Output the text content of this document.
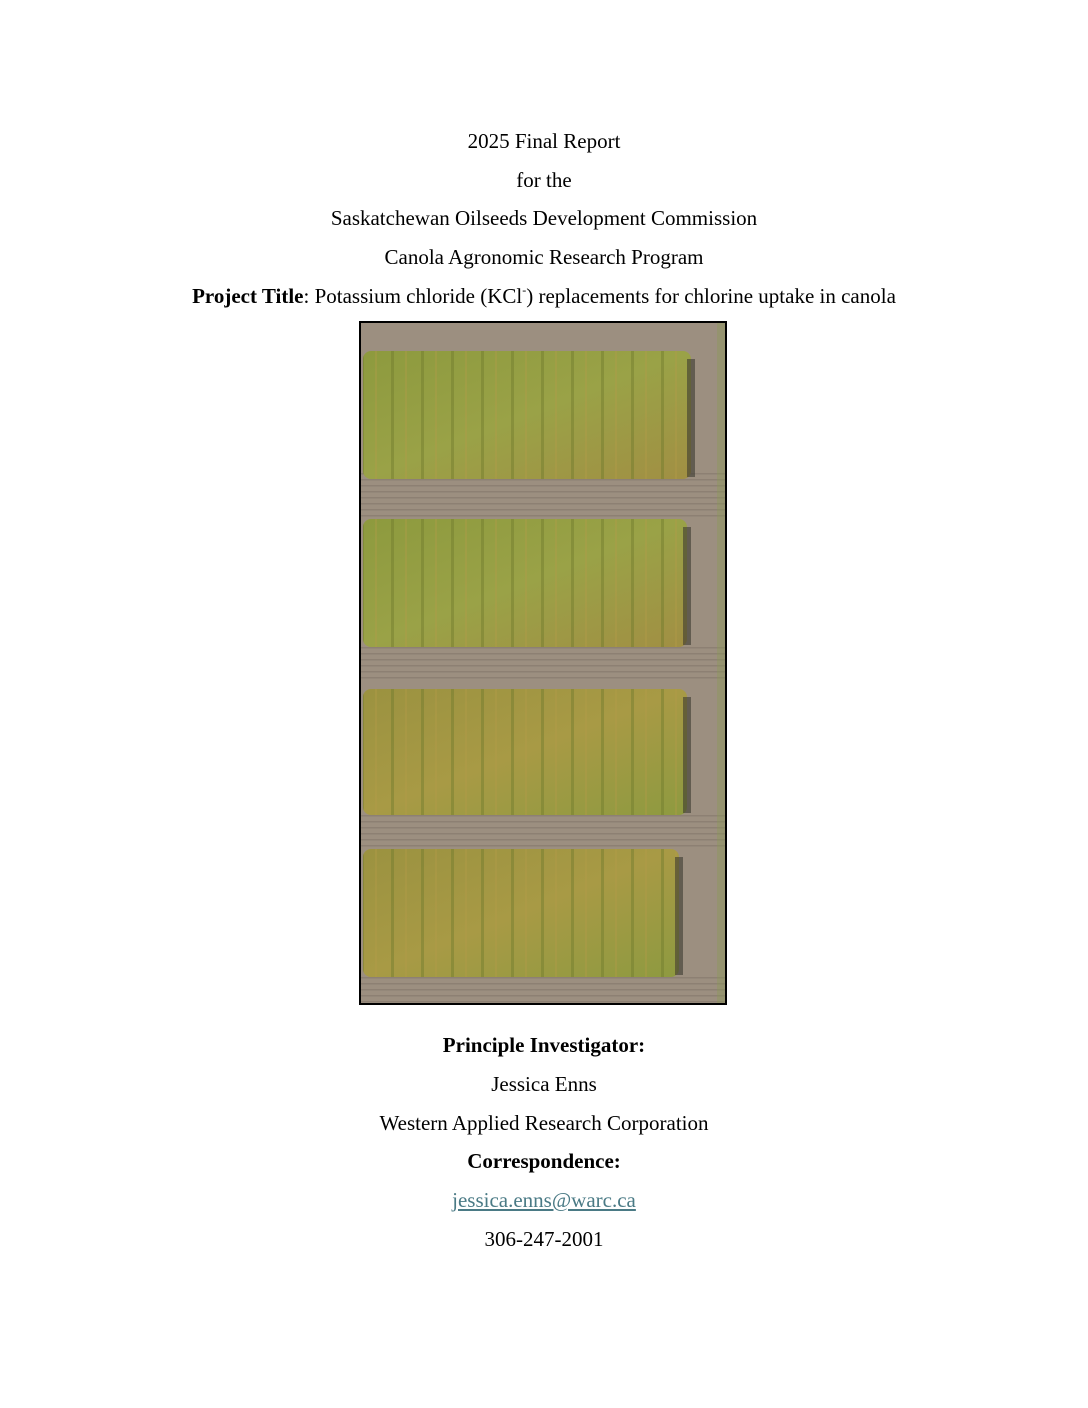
2025 Final Report
for the
Saskatchewan Oilseeds Development Commission
Canola Agronomic Research Program
Project Title: Potassium chloride (KCl-) replacements for chlorine uptake in canola
Principle Investigator:
Jessica Enns
Western Applied Research Corporation
Correspondence:
jessica.enns@warc.ca
306-247-2001
